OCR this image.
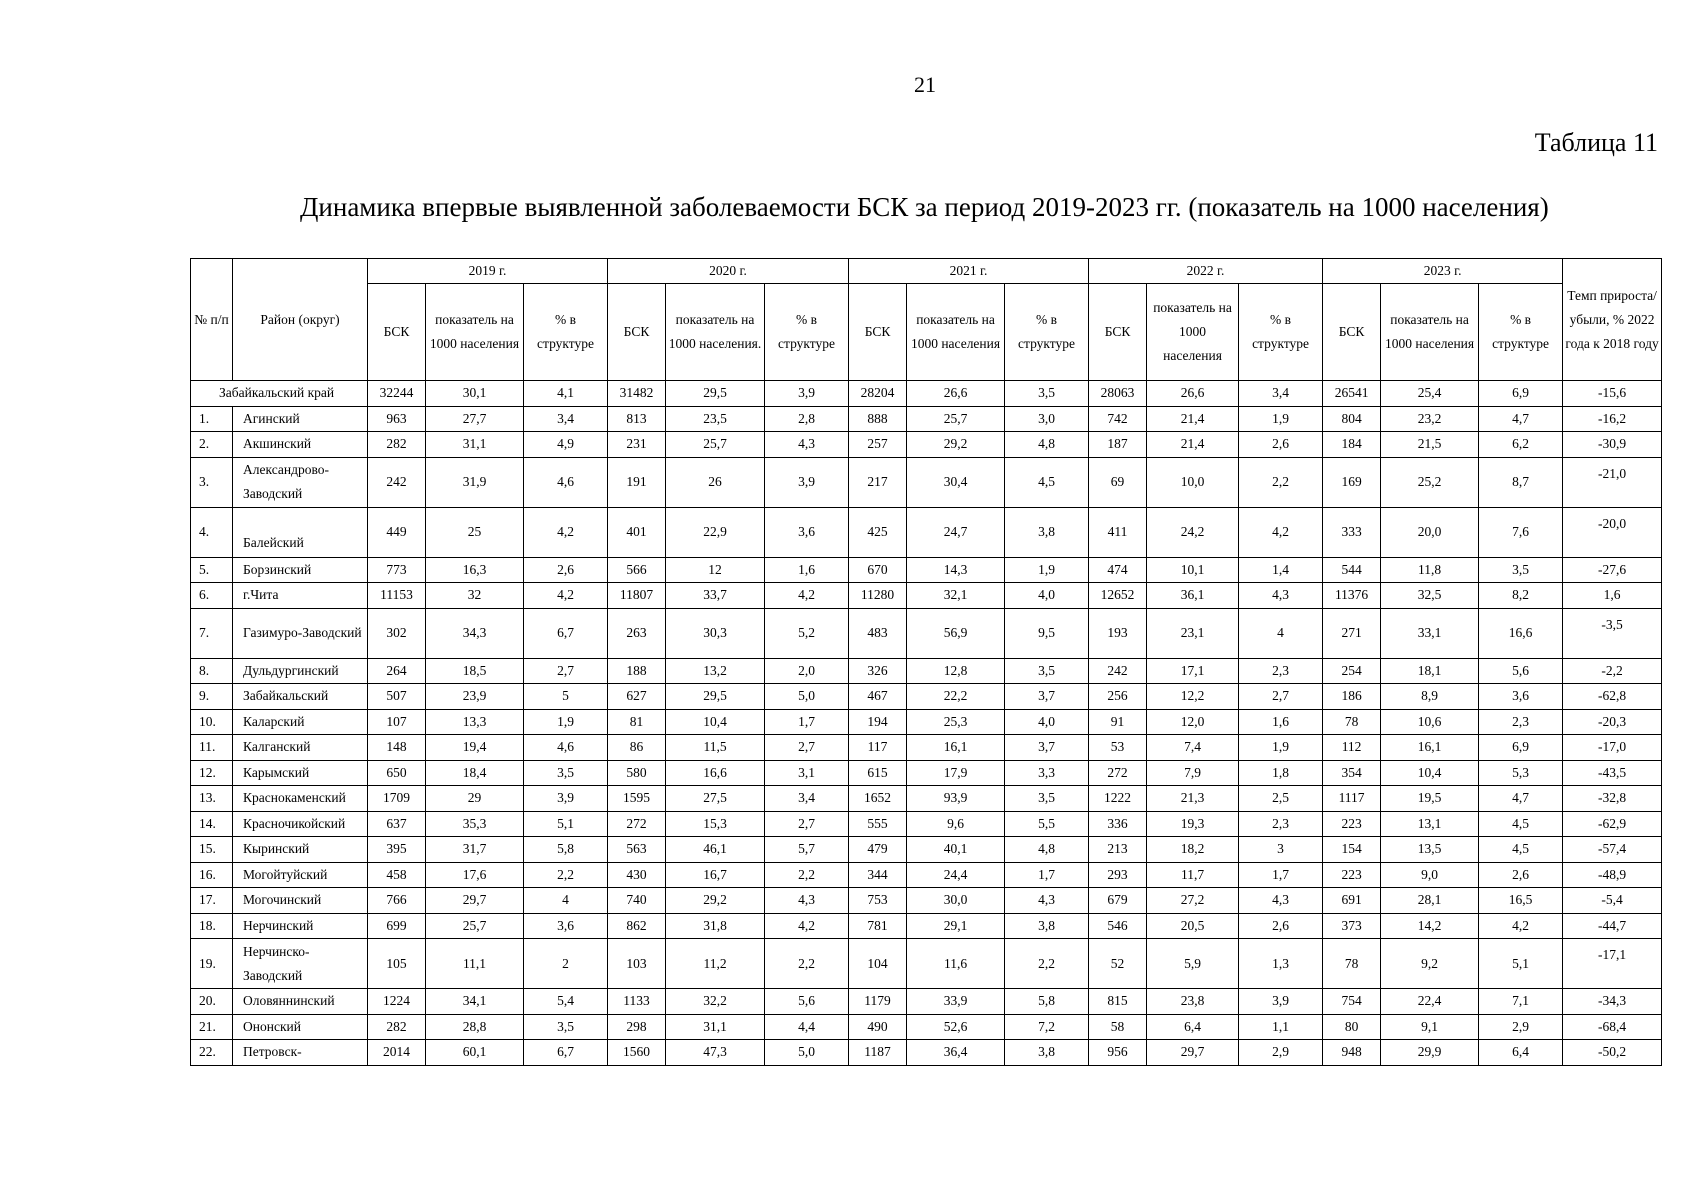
21
Таблица 11
Динамика впервые выявленной заболеваемости БСК за период 2019-2023 гг. (показатель на 1000 населения)
№ п/п	Район (округ)	2019 г.			2020 г.			2021 г.			2022 г.			2023 г.			Темп прироста/ убыли, % 2022 года к 2018 году
		БСК	показатель на 1000 населения	% в структуре	БСК	показатель на 1000 населения.	% в структуре	БСК	показатель на 1000 населения	% в структуре	БСК	показатель на 1000 населения	% в структуре	БСК	показатель на 1000 населения	% в структуре	
Забайкальский край		32244	30,1	4,1	31482	29,5	3,9	28204	26,6	3,5	28063	26,6	3,4	26541	25,4	6,9	-15,6
1.	Агинский	963	27,7	3,4	813	23,5	2,8	888	25,7	3,0	742	21,4	1,9	804	23,2	4,7	-16,2
2.	Акшинский	282	31,1	4,9	231	25,7	4,3	257	29,2	4,8	187	21,4	2,6	184	21,5	6,2	-30,9
3.	Александрово-Заводский	242	31,9	4,6	191	26	3,9	217	30,4	4,5	69	10,0	2,2	169	25,2	8,7	-21,0
4.	Балейский	449	25	4,2	401	22,9	3,6	425	24,7	3,8	411	24,2	4,2	333	20,0	7,6	-20,0
5.	Борзинский	773	16,3	2,6	566	12	1,6	670	14,3	1,9	474	10,1	1,4	544	11,8	3,5	-27,6
6.	г.Чита	11153	32	4,2	11807	33,7	4,2	11280	32,1	4,0	12652	36,1	4,3	11376	32,5	8,2	1,6
7.	Газимуро-Заводский	302	34,3	6,7	263	30,3	5,2	483	56,9	9,5	193	23,1	4	271	33,1	16,6	-3,5
8.	Дульдургинский	264	18,5	2,7	188	13,2	2,0	326	12,8	3,5	242	17,1	2,3	254	18,1	5,6	-2,2
9.	Забайкальский	507	23,9	5	627	29,5	5,0	467	22,2	3,7	256	12,2	2,7	186	8,9	3,6	-62,8
10.	Каларский	107	13,3	1,9	81	10,4	1,7	194	25,3	4,0	91	12,0	1,6	78	10,6	2,3	-20,3
11.	Калганский	148	19,4	4,6	86	11,5	2,7	117	16,1	3,7	53	7,4	1,9	112	16,1	6,9	-17,0
12.	Карымский	650	18,4	3,5	580	16,6	3,1	615	17,9	3,3	272	7,9	1,8	354	10,4	5,3	-43,5
13.	Краснокаменский	1709	29	3,9	1595	27,5	3,4	1652	93,9	3,5	1222	21,3	2,5	1117	19,5	4,7	-32,8
14.	Красночикойский	637	35,3	5,1	272	15,3	2,7	555	9,6	5,5	336	19,3	2,3	223	13,1	4,5	-62,9
15.	Кыринский	395	31,7	5,8	563	46,1	5,7	479	40,1	4,8	213	18,2	3	154	13,5	4,5	-57,4
16.	Могойтуйский	458	17,6	2,2	430	16,7	2,2	344	24,4	1,7	293	11,7	1,7	223	9,0	2,6	-48,9
17.	Могочинский	766	29,7	4	740	29,2	4,3	753	30,0	4,3	679	27,2	4,3	691	28,1	16,5	-5,4
18.	Нерчинский	699	25,7	3,6	862	31,8	4,2	781	29,1	3,8	546	20,5	2,6	373	14,2	4,2	-44,7
19.	Нерчинско-Заводский	105	11,1	2	103	11,2	2,2	104	11,6	2,2	52	5,9	1,3	78	9,2	5,1	-17,1
20.	Оловяннинский	1224	34,1	5,4	1133	32,2	5,6	1179	33,9	5,8	815	23,8	3,9	754	22,4	7,1	-34,3
21.	Ононский	282	28,8	3,5	298	31,1	4,4	490	52,6	7,2	58	6,4	1,1	80	9,1	2,9	-68,4
22.	Петровск-	2014	60,1	6,7	1560	47,3	5,0	1187	36,4	3,8	956	29,7	2,9	948	29,9	6,4	-50,2
